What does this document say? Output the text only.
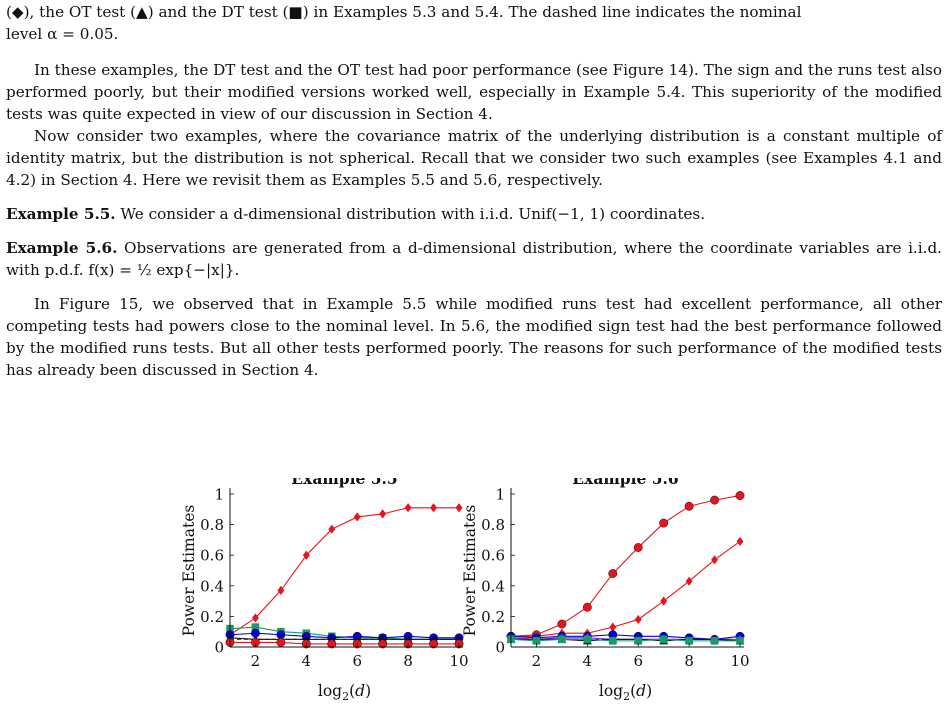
(◆), the OT test (▲) and the DT test (■) in Examples 5.3 and 5.4. The dashed line indicates the nominal

level α = 0.05.

In these examples, the DT test and the OT test had poor performance (see Figure 14). The sign and the runs test also performed poorly, but their modified versions worked well, especially in Example 5.4. This superiority of the modified tests was quite expected in view of our discussion in Section 4.

Now consider two examples, where the covariance matrix of the underlying distribution is a constant multiple of identity matrix, but the distribution is not spherical. Recall that we consider two such examples (see Examples 4.1 and 4.2) in Section 4. Here we revisit them as Examples 5.5 and 5.6, respectively.

Example 5.5. We consider a d-dimensional distribution with i.i.d. Unif(−1, 1) coordinates.

Example 5.6. Observations are generated from a d-dimensional distribution, where the coordinate variables are i.i.d. with p.d.f. f(x) = ½ exp{−|x|}.

In Figure 15, we observed that in Example 5.5 while modified runs test had excellent performance, all other competing tests had powers close to the nominal level. In 5.6, the modified sign test had the best performance followed by the modified runs tests. But all other tests performed poorly. The reasons for such performance of the modified tests has already been discussed in Section 4.

Example 5.5
0
0.2
0.4
0.6
0.8
1
2	4	6	8 10
$\log_2(d)$
Power Estimates
Example 5.6
0
0.2
0.4
0.6
0.8
1
2	4	6	8 10
$\log_2(d)$
Power Estimates
